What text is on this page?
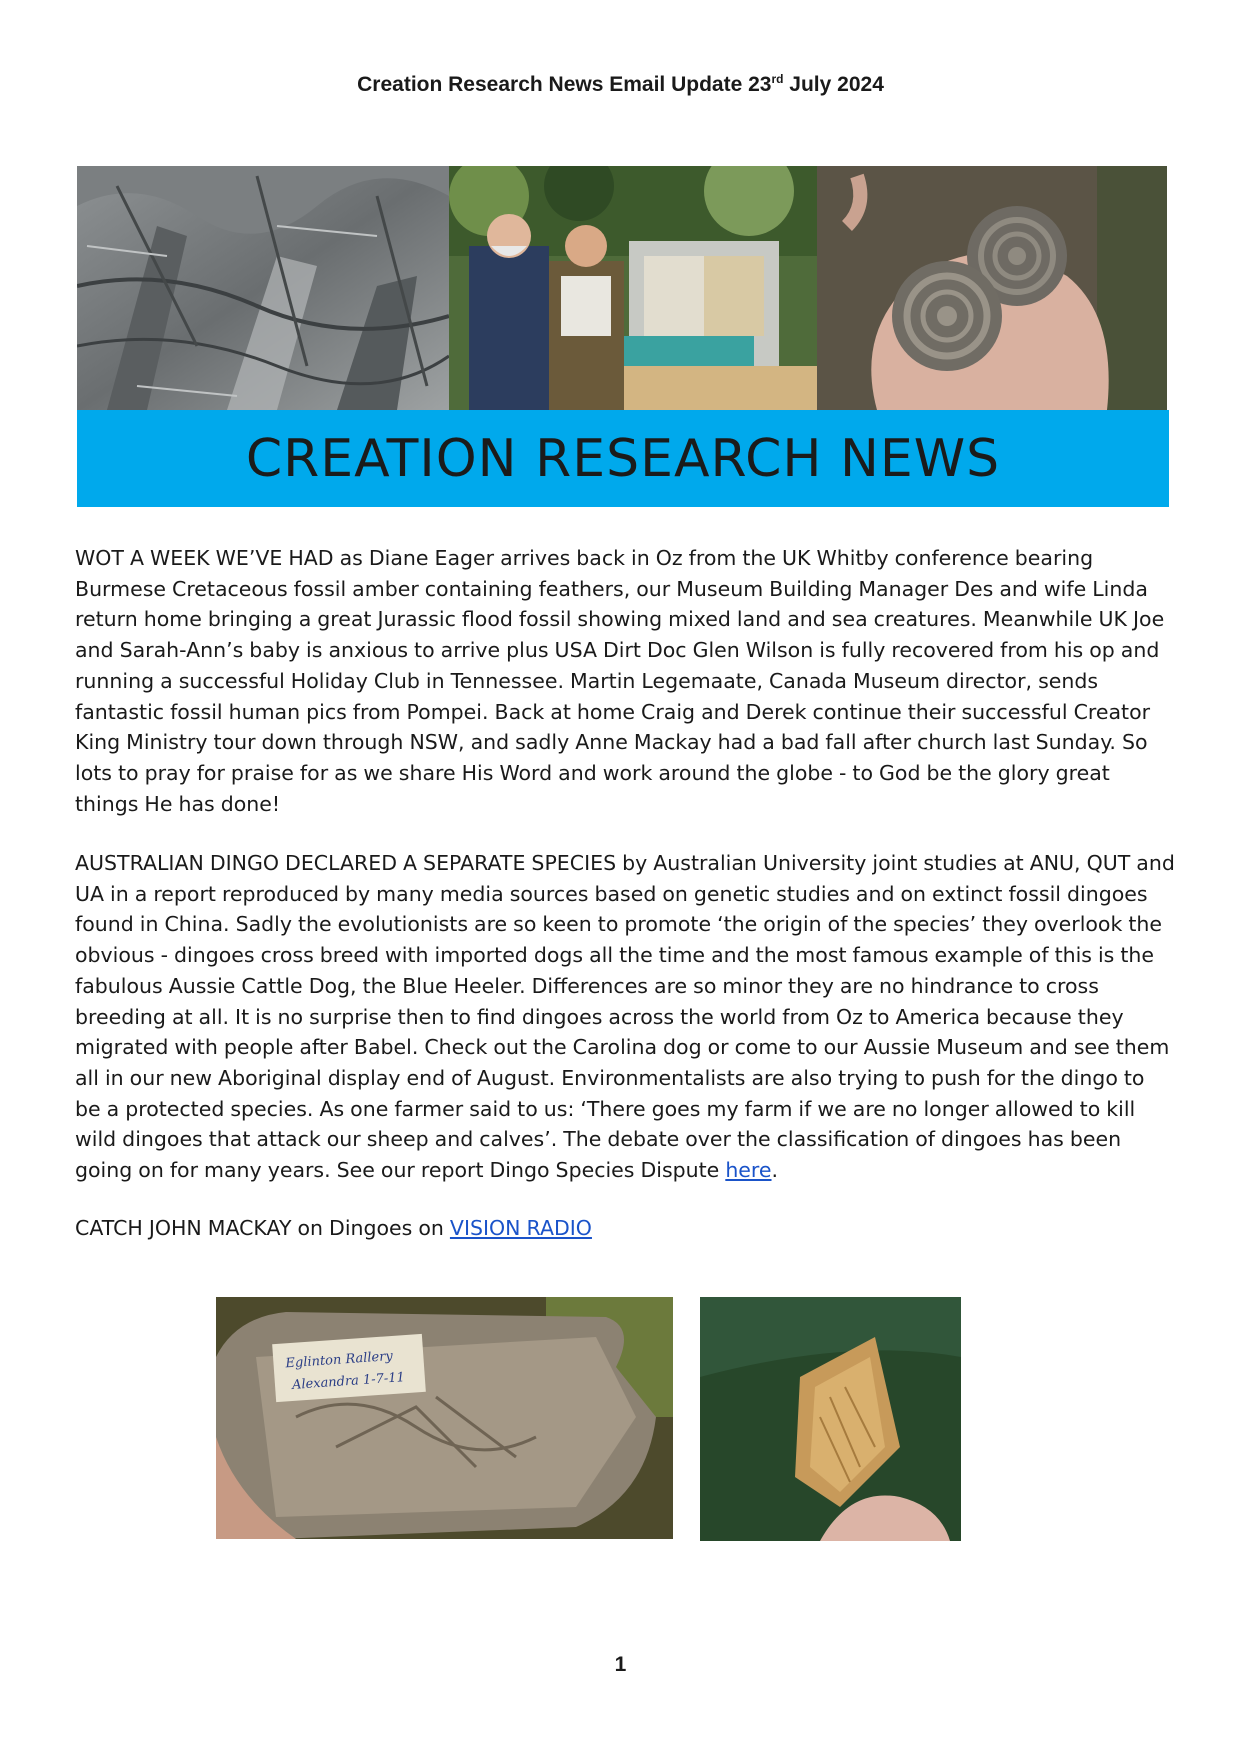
Creation Research News Email Update 23rd July 2024
CREATION RESEARCH NEWS
WOT A WEEK WE’VE HAD as Diane Eager arrives back in Oz from the UK Whitby conference bearing Burmese Cretaceous fossil amber containing feathers, our Museum Building Manager Des and wife Linda return home bringing a great Jurassic flood fossil showing mixed land and sea creatures. Meanwhile UK Joe and Sarah-Ann’s baby is anxious to arrive plus USA Dirt Doc Glen Wilson is fully recovered from his op and running a successful Holiday Club in Tennessee. Martin Legemaate, Canada Museum director, sends fantastic fossil human pics from Pompei. Back at home Craig and Derek continue their successful Creator King Ministry tour down through NSW, and sadly Anne Mackay had a bad fall after church last Sunday. So lots to pray for praise for as we share His Word and work around the globe - to God be the glory great things He has done!
AUSTRALIAN DINGO DECLARED A SEPARATE SPECIES by Australian University joint studies at ANU, QUT and UA in a report reproduced by many media sources based on genetic studies and on extinct fossil dingoes found in China. Sadly the evolutionists are so keen to promote ‘the origin of the species’ they overlook the obvious - dingoes cross breed with imported dogs all the time and the most famous example of this is the fabulous Aussie Cattle Dog, the Blue Heeler. Differences are so minor they are no hindrance to cross breeding at all. It is no surprise then to find dingoes across the world from Oz to America because they migrated with people after Babel. Check out the Carolina dog or come to our Aussie Museum and see them all in our new Aboriginal display end of August. Environmentalists are also trying to push for the dingo to be a protected species. As one farmer said to us: ‘There goes my farm if we are no longer allowed to kill wild dingoes that attack our sheep and calves’. The debate over the classification of dingoes has been going on for many years. See our report Dingo Species Dispute here.
CATCH JOHN MACKAY on Dingoes on VISION RADIO
Eglinton Rallery
Alexandra 1-7-11
1
